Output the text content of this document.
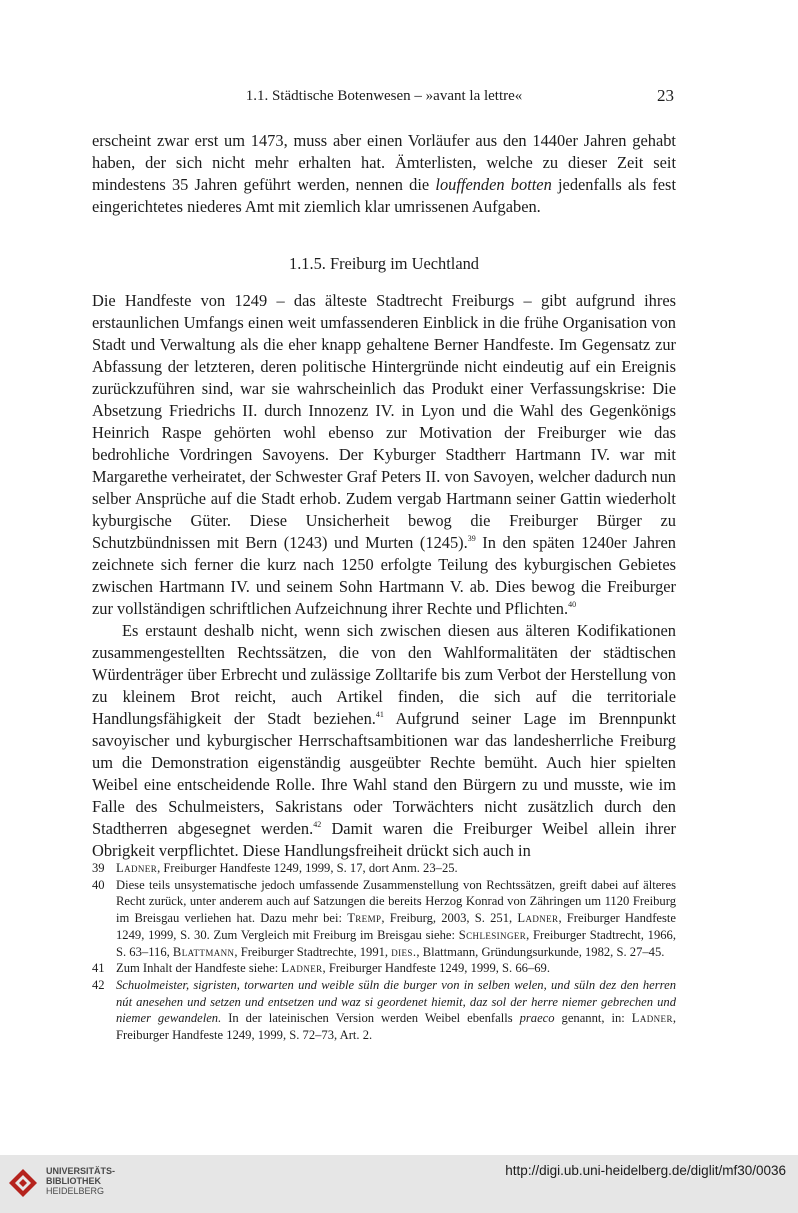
1.1. Städtische Botenwesen – »avant la lettre«	23

erscheint zwar erst um 1473, muss aber einen Vorläufer aus den 1440er Jahren gehabt haben, der sich nicht mehr erhalten hat. Ämterlisten, welche zu dieser Zeit seit mindestens 35 Jahren geführt werden, nennen die louffenden botten jedenfalls als fest eingerichtetes niederes Amt mit ziemlich klar umrissenen Aufgaben.

1.1.5. Freiburg im Uechtland

Die Handfeste von 1249 – das älteste Stadtrecht Freiburgs – gibt aufgrund ihres erstaunlichen Umfangs einen weit umfassenderen Einblick in die frühe Organisation von Stadt und Verwaltung als die eher knapp gehaltene Berner Handfeste. Im Gegensatz zur Abfassung der letzteren, deren politische Hintergründe nicht eindeutig auf ein Ereignis zurückzuführen sind, war sie wahrscheinlich das Produkt einer Verfassungskrise: Die Absetzung Friedrichs II. durch Innozenz IV. in Lyon und die Wahl des Gegenkönigs Heinrich Raspe gehörten wohl ebenso zur Motivation der Freiburger wie das bedrohliche Vordringen Savoyens. Der Kyburger Stadtherr Hartmann IV. war mit Margarethe verheiratet, der Schwester Graf Peters II. von Savoyen, welcher dadurch nun selber Ansprüche auf die Stadt erhob. Zudem vergab Hartmann seiner Gattin wiederholt kyburgische Güter. Diese Unsicherheit bewog die Freiburger Bürger zu Schutzbündnissen mit Bern (1243) und Murten (1245).$^{39}$ In den späten 1240er Jahren zeichnete sich ferner die kurz nach 1250 erfolgte Teilung des kyburgischen Gebietes zwischen Hartmann IV. und seinem Sohn Hartmann V. ab. Dies bewog die Freiburger zur vollständigen schriftlichen Aufzeichnung ihrer Rechte und Pflichten.$^{40}$

Es erstaunt deshalb nicht, wenn sich zwischen diesen aus älteren Kodifikationen zusammengestellten Rechtssätzen, die von den Wahlformalitäten der städtischen Würdenträger über Erbrecht und zulässige Zolltarife bis zum Verbot der Herstellung von zu kleinem Brot reicht, auch Artikel finden, die sich auf die territoriale Handlungsfähigkeit der Stadt beziehen.$^{41}$ Aufgrund seiner Lage im Brennpunkt savoyischer und kyburgischer Herrschaftsambitionen war das landesherrliche Freiburg um die Demonstration eigenständig ausgeübter Rechte bemüht. Auch hier spielten Weibel eine entscheidende Rolle. Ihre Wahl stand den Bürgern zu und musste, wie im Falle des Schulmeisters, Sakristans oder Torwächters nicht zusätzlich durch den Stadtherren abgesegnet werden.$^{42}$ Damit waren die Freiburger Weibel allein ihrer Obrigkeit verpflichtet. Diese Handlungsfreiheit drückt sich auch in

39 Ladner, Freiburger Handfeste 1249, 1999, S. 17, dort Anm. 23–25.
40 Diese teils unsystematische jedoch umfassende Zusammenstellung von Rechtssätzen, greift dabei auf älteres Recht zurück, unter anderem auch auf Satzungen die bereits Herzog Konrad von Zähringen um 1120 Freiburg im Breisgau verliehen hat. Dazu mehr bei: Tremp, Freiburg, 2003, S. 251, Ladner, Freiburger Handfeste 1249, 1999, S. 30. Zum Vergleich mit Freiburg im Breisgau siehe: Schlesinger, Freiburger Stadtrecht, 1966, S. 63–116, Blattmann, Freiburger Stadtrechte, 1991, dies., Blattmann, Gründungsurkunde, 1982, S. 27–45.
41 Zum Inhalt der Handfeste siehe: Ladner, Freiburger Handfeste 1249, 1999, S. 66–69.
42 Schuolmeister, sigristen, torwarten und weible süln die burger von in selben welen, und süln dez den herren nút anesehen und setzen und entsetzen und waz si geordenet hiemit, daz sol der herre niemer gebrechen und niemer gewandelen. In der lateinischen Version werden Weibel ebenfalls praeco genannt, in: Ladner, Freiburger Handfeste 1249, 1999, S. 72–73, Art. 2.
UNIVERSITÄTS-
BIBLIOTHEK
HEIDELBERG
http://digi.ub.uni-heidelberg.de/diglit/mf30/0036
